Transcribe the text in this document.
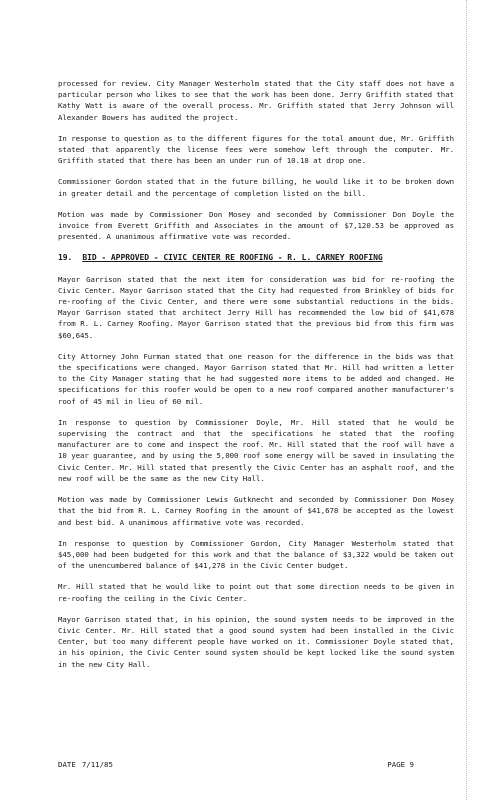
processed for review. City Manager Westerholm stated that the City staff does not have a particular person who likes to see that the work has been done. Jerry Griffith stated that Kathy Watt is aware of the overall process. Mr. Griffith stated that Jerry Johnson will Alexander Bowers has audited the project.

In response to question as to the different figures for the total amount due, Mr. Griffith stated that apparently the license fees were somehow left through the computer. Mr. Griffith stated that there has been an under run of 10.18 at drop one.

Commissioner Gordon stated that in the future billing, he would like it to be broken down in greater detail and the percentage of completion listed on the bill.

Motion was made by Commissioner Don Mosey and seconded by Commissioner Don Doyle the invoice from Everett Griffith and Associates in the amount of $7,120.53 be approved as presented. A unanimous affirmative vote was recorded.

19. BID - APPROVED - CIVIC CENTER RE ROOFING - R. L. CARNEY ROOFING

Mayor Garrison stated that the next item for consideration was bid for re-roofing the Civic Center. Mayor Garrison stated that the City had requested from Brinkley of bids for re-roofing of the Civic Center, and there were some substantial reductions in the bids. Mayor Garrison stated that architect Jerry Hill has recommended the low bid of $41,678 from R. L. Carney Roofing. Mayor Garrison stated that the previous bid from this firm was $60,645.

City Attorney John Furman stated that one reason for the difference in the bids was that the specifications were changed. Mayor Garrison stated that Mr. Hill had written a letter to the City Manager stating that he had suggested more items to be added and changed. He specifications for this roofer would be open to a new roof compared another manufacturer's roof of 45 mil in lieu of 60 mil.

In response to question by Commissioner Doyle, Mr. Hill stated that he would be supervising the contract and that the specifications he stated that the roofing manufacturer are to come and inspect the roof. Mr. Hill stated that the roof will have a 10 year guarantee, and by using the 5,000 roof some energy will be saved in insulating the Civic Center. Mr. Hill stated that presently the Civic Center has an asphalt roof, and the new roof will be the same as the new City Hall.

Motion was made by Commissioner Lewis Gutknecht and seconded by Commissioner Don Mosey that the bid from R. L. Carney Roofing in the amount of $41,678 be accepted as the lowest and best bid. A unanimous affirmative vote was recorded.

In response to question by Commissioner Gordon, City Manager Westerholm stated that $45,000 had been budgeted for this work and that the balance of $3,322 would be taken out of the unencumbered balance of $41,278 in the Civic Center budget.

Mr. Hill stated that he would like to point out that some direction needs to be given in re-roofing the ceiling in the Civic Center.

Mayor Garrison stated that, in his opinion, the sound system needs to be improved in the Civic Center. Mr. Hill stated that a good sound system had been installed in the Civic Center, but too many different people have worked on it. Commissioner Doyle stated that, in his opinion, the Civic Center sound system should be kept locked like the sound system in the new City Hall.

DATE 7/11/85	PAGE 9
